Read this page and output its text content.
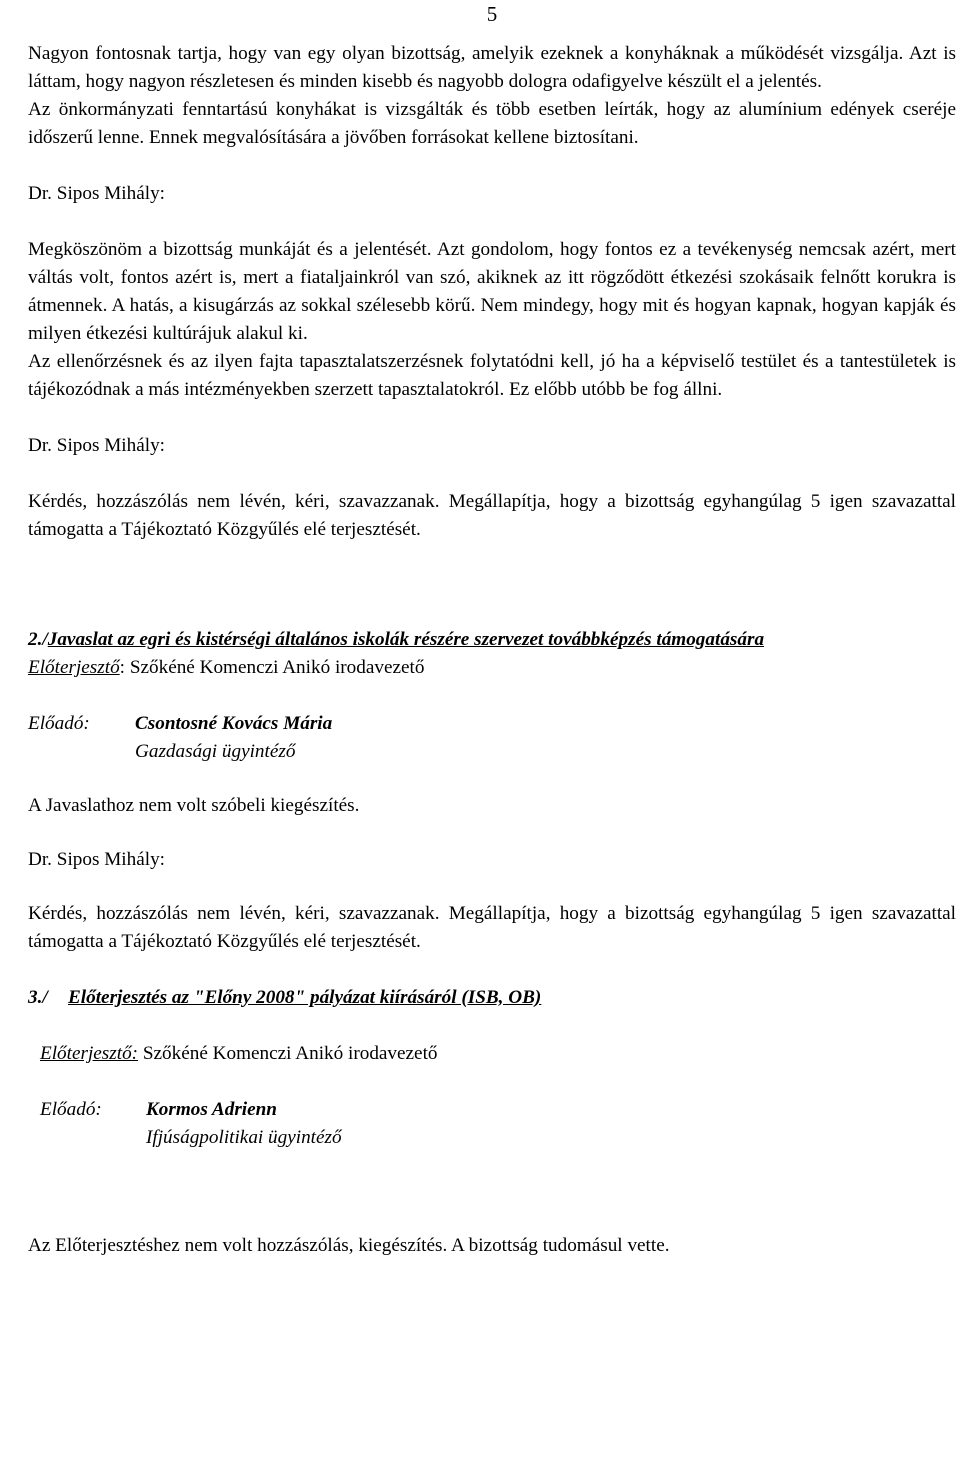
5

Nagyon fontosnak tartja, hogy van egy olyan bizottság, amelyik ezeknek a konyháknak a működését vizsgálja. Azt is láttam, hogy nagyon részletesen és minden kisebb és nagyobb dologra odafigyelve készült el a jelentés.

Az önkormányzati fenntartású konyhákat is vizsgálták és több esetben leírták, hogy az alumínium edények cseréje időszerű lenne. Ennek megvalósítására a jövőben forrásokat kellene biztosítani.

Dr. Sipos Mihály:

Megköszönöm a bizottság munkáját és a jelentését. Azt gondolom, hogy fontos ez a tevékenység nemcsak azért, mert váltás volt, fontos azért is, mert a fiataljainkról van szó, akiknek az itt rögződött étkezési szokásaik felnőtt korukra is átmennek. A hatás, a kisugárzás az sokkal szélesebb körű. Nem mindegy, hogy mit és hogyan kapnak, hogyan kapják és milyen étkezési kultúrájuk alakul ki.

Az ellenőrzésnek és az ilyen fajta tapasztalatszerzésnek folytatódni kell, jó ha a képviselő testület és a tantestületek is tájékozódnak a más intézményekben szerzett tapasztalatokról. Ez előbb utóbb be fog állni.

Dr. Sipos Mihály:

Kérdés, hozzászólás nem lévén, kéri, szavazzanak. Megállapítja, hogy a bizottság egyhangúlag 5 igen szavazattal támogatta a Tájékoztató Közgyűlés elé terjesztését.

2./Javaslat az egri és kistérségi általános iskolák részére szervezet továbbképzés támogatására

Előterjesztő: Szőkéné Komenczi Anikó irodavezető

Előadó: Csontosné Kovács Mária

Gazdasági ügyintéző

A Javaslathoz nem volt szóbeli kiegészítés.

Dr. Sipos Mihály:

Kérdés, hozzászólás nem lévén, kéri, szavazzanak. Megállapítja, hogy a bizottság egyhangúlag 5 igen szavazattal támogatta a Tájékoztató Közgyűlés elé terjesztését.

3./ Előterjesztés az "Előny 2008" pályázat kiírásáról (ISB, OB)

Előterjesztő: Szőkéné Komenczi Anikó irodavezető

Előadó: Kormos Adrienn

Ifjúságpolitikai ügyintéző

Az Előterjesztéshez nem volt hozzászólás, kiegészítés. A bizottság tudomásul vette.
